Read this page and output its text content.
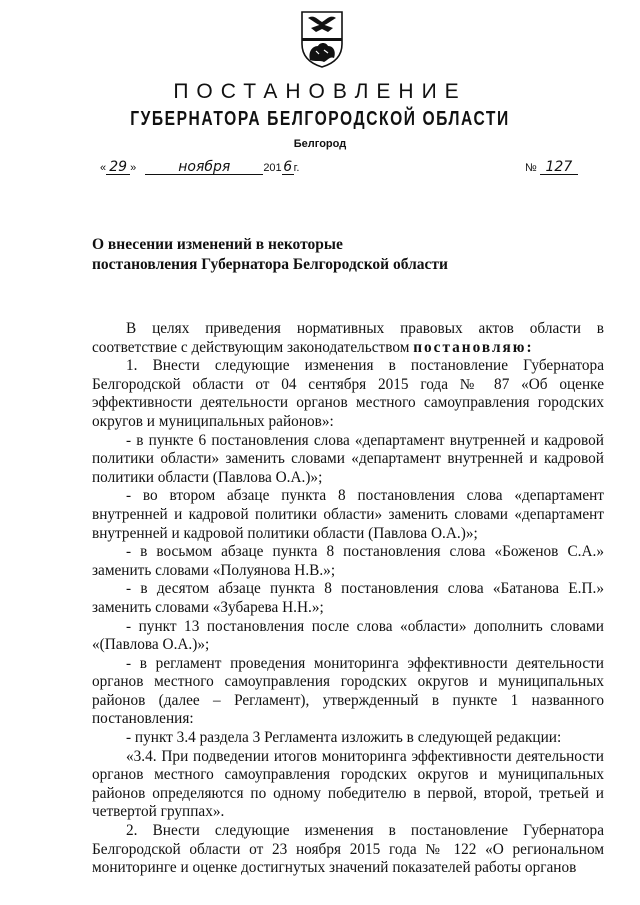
ПОСТАНОВЛЕНИЕ
ГУБЕРНАТОРА БЕЛГОРОДСКОЙ ОБЛАСТИ
Белгород
« 29 »	ноября	201 6 г.	№ 127
О внесении изменений в некоторые
постановления Губернатора Белгородской области

В целях приведения нормативных правовых актов области в соответствие с действующим законодательством постановляю:

1. Внести следующие изменения в постановление Губернатора Белгородской области от 04 сентября 2015 года № 87 «Об оценке эффективности деятельности органов местного самоуправления городских округов и муниципальных районов»:

- в пункте 6 постановления слова «департамент внутренней и кадровой политики области» заменить словами «департамент внутренней и кадровой политики области (Павлова О.А.)»;

- во втором абзаце пункта 8 постановления слова «департамент внутренней и кадровой политики области» заменить словами «департамент внутренней и кадровой политики области (Павлова О.А.)»;

- в восьмом абзаце пункта 8 постановления слова «Боженов С.А.» заменить словами «Полуянова Н.В.»;

- в десятом абзаце пункта 8 постановления слова «Батанова Е.П.» заменить словами «Зубарева Н.Н.»;

- пункт 13 постановления после слова «области» дополнить словами «(Павлова О.А.)»;

- в регламент проведения мониторинга эффективности деятельности органов местного самоуправления городских округов и муниципальных районов (далее – Регламент), утвержденный в пункте 1 названного постановления:

- пункт 3.4 раздела 3 Регламента изложить в следующей редакции:

«3.4. При подведении итогов мониторинга эффективности деятельности органов местного самоуправления городских округов и муниципальных районов определяются по одному победителю в первой, второй, третьей и четвертой группах».

2. Внести следующие изменения в постановление Губернатора Белгородской области от 23 ноября 2015 года № 122 «О региональном мониторинге и оценке достигнутых значений показателей работы органов
